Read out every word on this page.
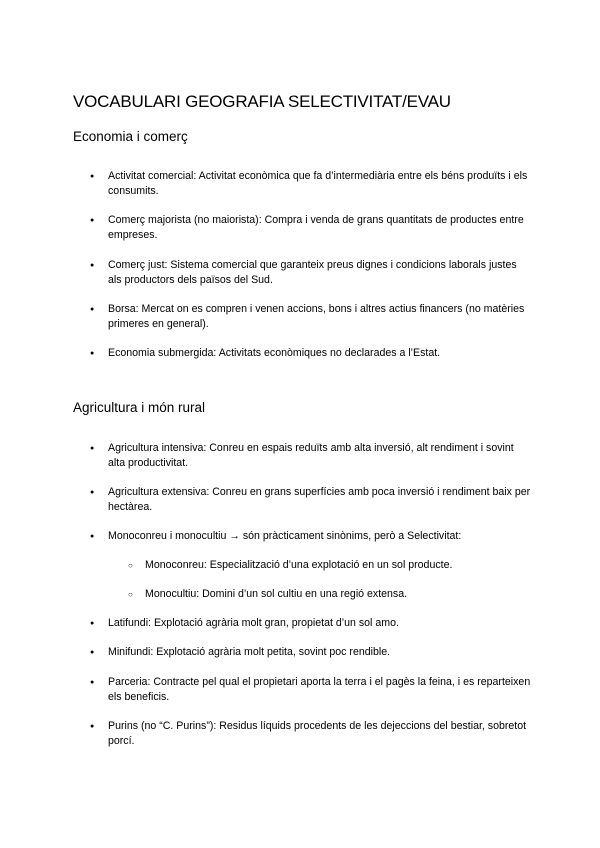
VOCABULARI GEOGRAFIA SELECTIVITAT/EVAU
Economia i comerç
● Activitat comercial: Activitat econòmica que fa d’intermediària entre els béns produïts i els consumits.
● Comerç majorista (no maiorista): Compra i venda de grans quantitats de productes entre empreses.
● Comerç just: Sistema comercial que garanteix preus dignes i condicions laborals justes als productors dels països del Sud.
● Borsa: Mercat on es compren i venen accions, bons i altres actius financers (no matèries primeres en general).
● Economia submergida: Activitats econòmiques no declarades a l’Estat.
Agricultura i món rural
● Agricultura intensiva: Conreu en espais reduïts amb alta inversió, alt rendiment i sovint alta productivitat.
● Agricultura extensiva: Conreu en grans superfícies amb poca inversió i rendiment baix per hectàrea.
● Monoconreu i monocultiu → són pràcticament sinònims, però a Selectivitat:
○ Monoconreu: Especialització d’una explotació en un sol producte.
○ Monocultiu: Domini d’un sol cultiu en una regió extensa.
● Latifundi: Explotació agrària molt gran, propietat d’un sol amo.
● Minifundi: Explotació agrària molt petita, sovint poc rendible.
● Parceria: Contracte pel qual el propietari aporta la terra i el pagès la feina, i es reparteixen els beneficis.
● Purins (no “C. Purins”): Residus líquids procedents de les dejeccions del bestiar, sobretot porcí.
